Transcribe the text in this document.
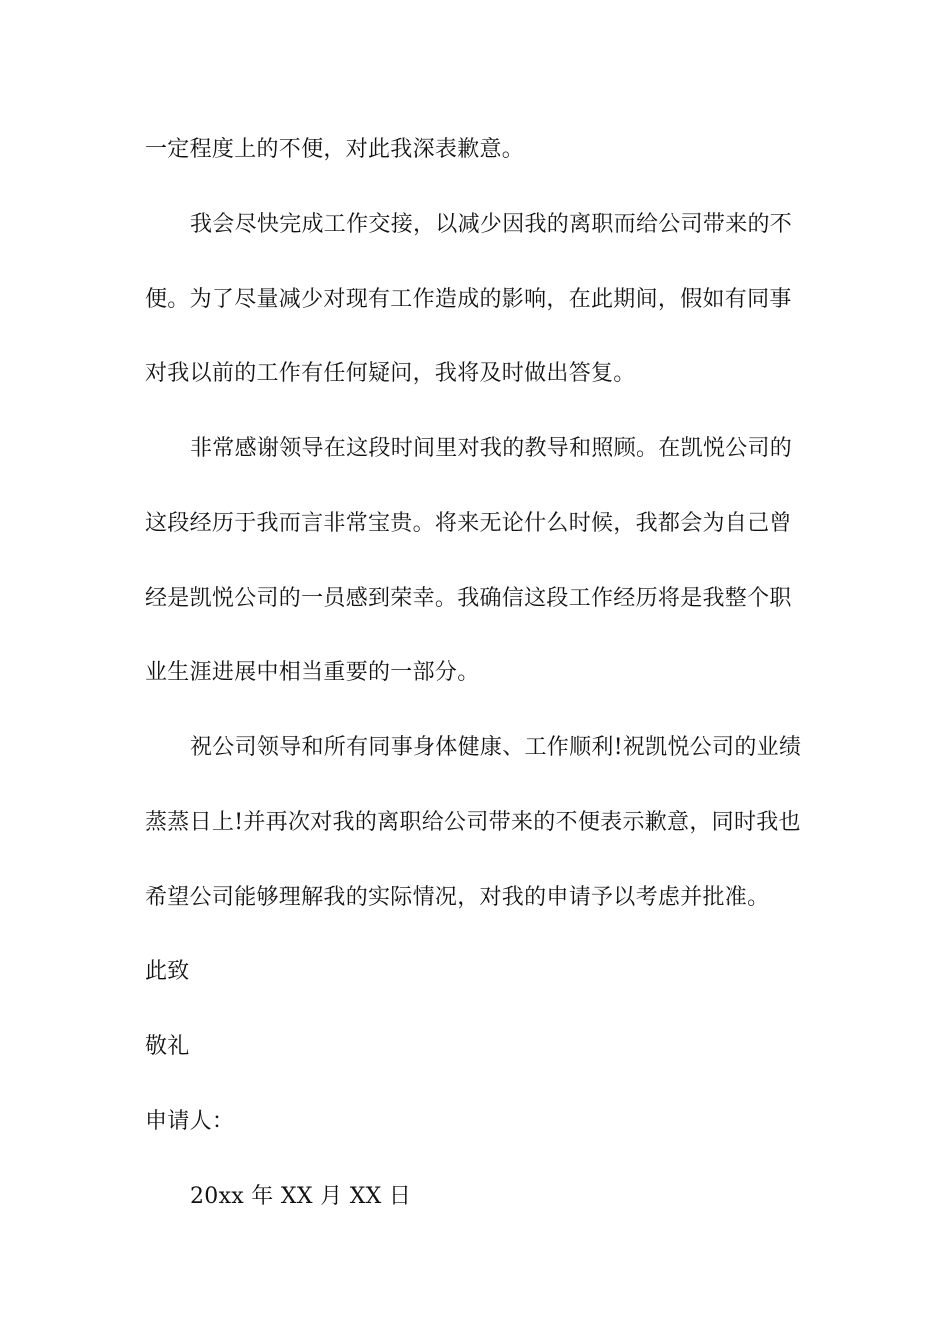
一定程度上的不便，对此我深表歉意。
我会尽快完成工作交接，以减少因我的离职而给公司带来的不
便。为了尽量减少对现有工作造成的影响，在此期间，假如有同事
对我以前的工作有任何疑问，我将及时做出答复。
非常感谢领导在这段时间里对我的教导和照顾。在凯悦公司的
这段经历于我而言非常宝贵。将来无论什么时候，我都会为自己曾
经是凯悦公司的一员感到荣幸。我确信这段工作经历将是我整个职
业生涯进展中相当重要的一部分。
祝公司领导和所有同事身体健康、工作顺利!祝凯悦公司的业绩
蒸蒸日上!并再次对我的离职给公司带来的不便表示歉意，同时我也
希望公司能够理解我的实际情况，对我的申请予以考虑并批准。
此致
敬礼
申请人：
20xx 年 XX 月 XX 日
